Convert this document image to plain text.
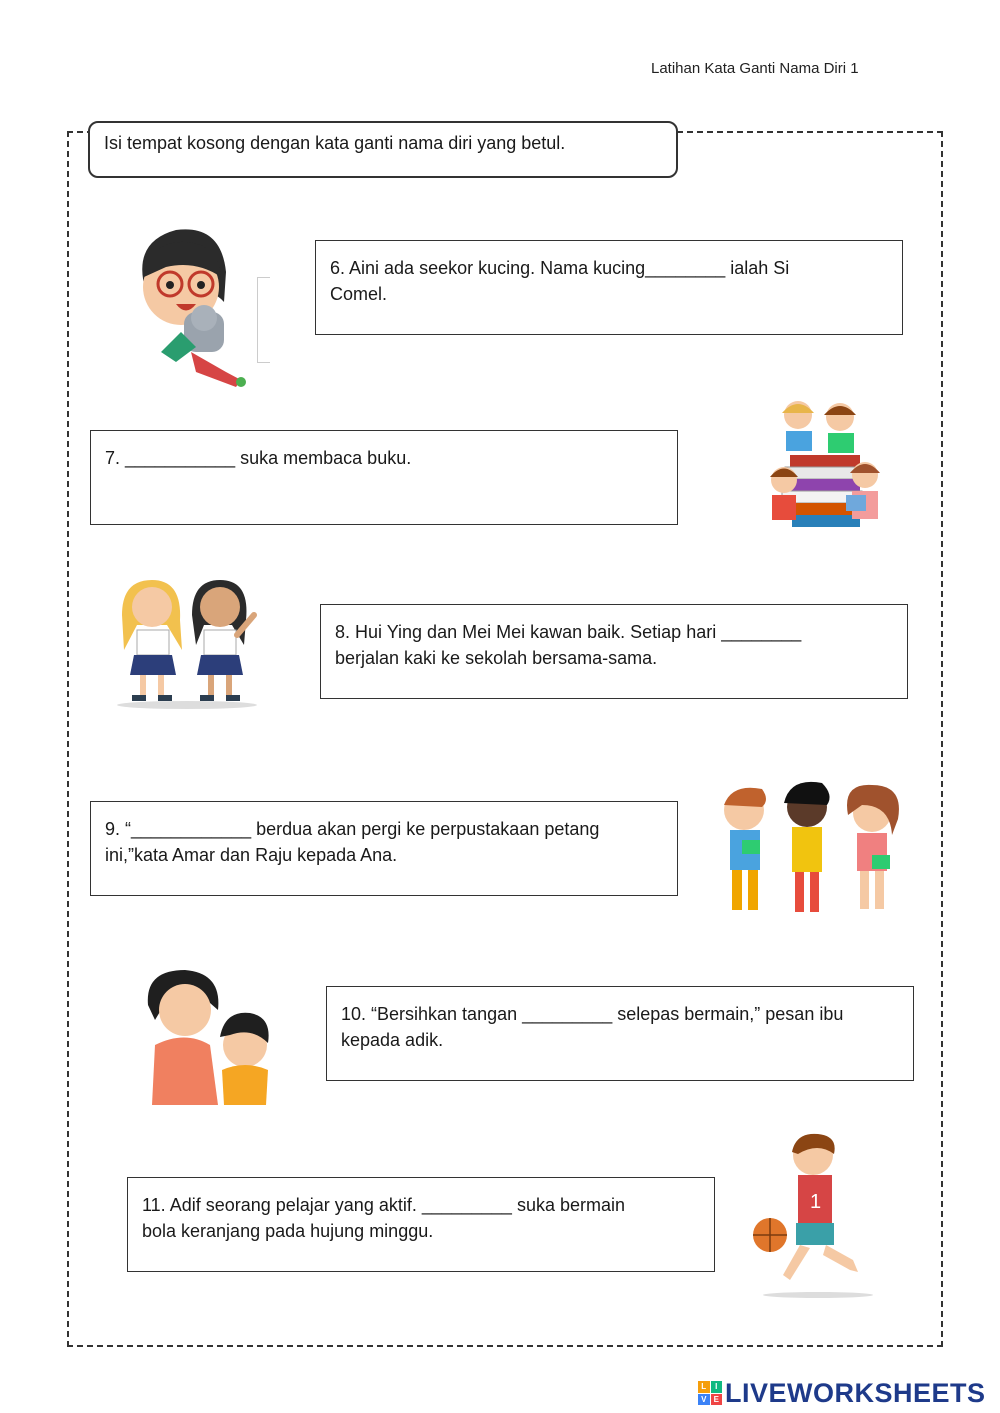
Latihan Kata Ganti Nama Diri 1
Isi tempat kosong dengan kata ganti nama diri yang betul.
6. Aini ada seekor kucing. Nama kucing________ ialah Si
Comel.
7. ___________ suka membaca buku.
8. Hui Ying dan Mei Mei kawan baik. Setiap hari ________
berjalan kaki ke sekolah bersama-sama.
9. “____________ berdua akan pergi ke perpustakaan petang
ini,”kata Amar dan Raju kepada Ana.
10. “Bersihkan tangan _________ selepas bermain,” pesan ibu
kepada adik.
11. Adif seorang pelajar yang aktif. _________ suka bermain
bola keranjang pada hujung minggu.
1
L	I
V E LIVEWORKSHEETS
